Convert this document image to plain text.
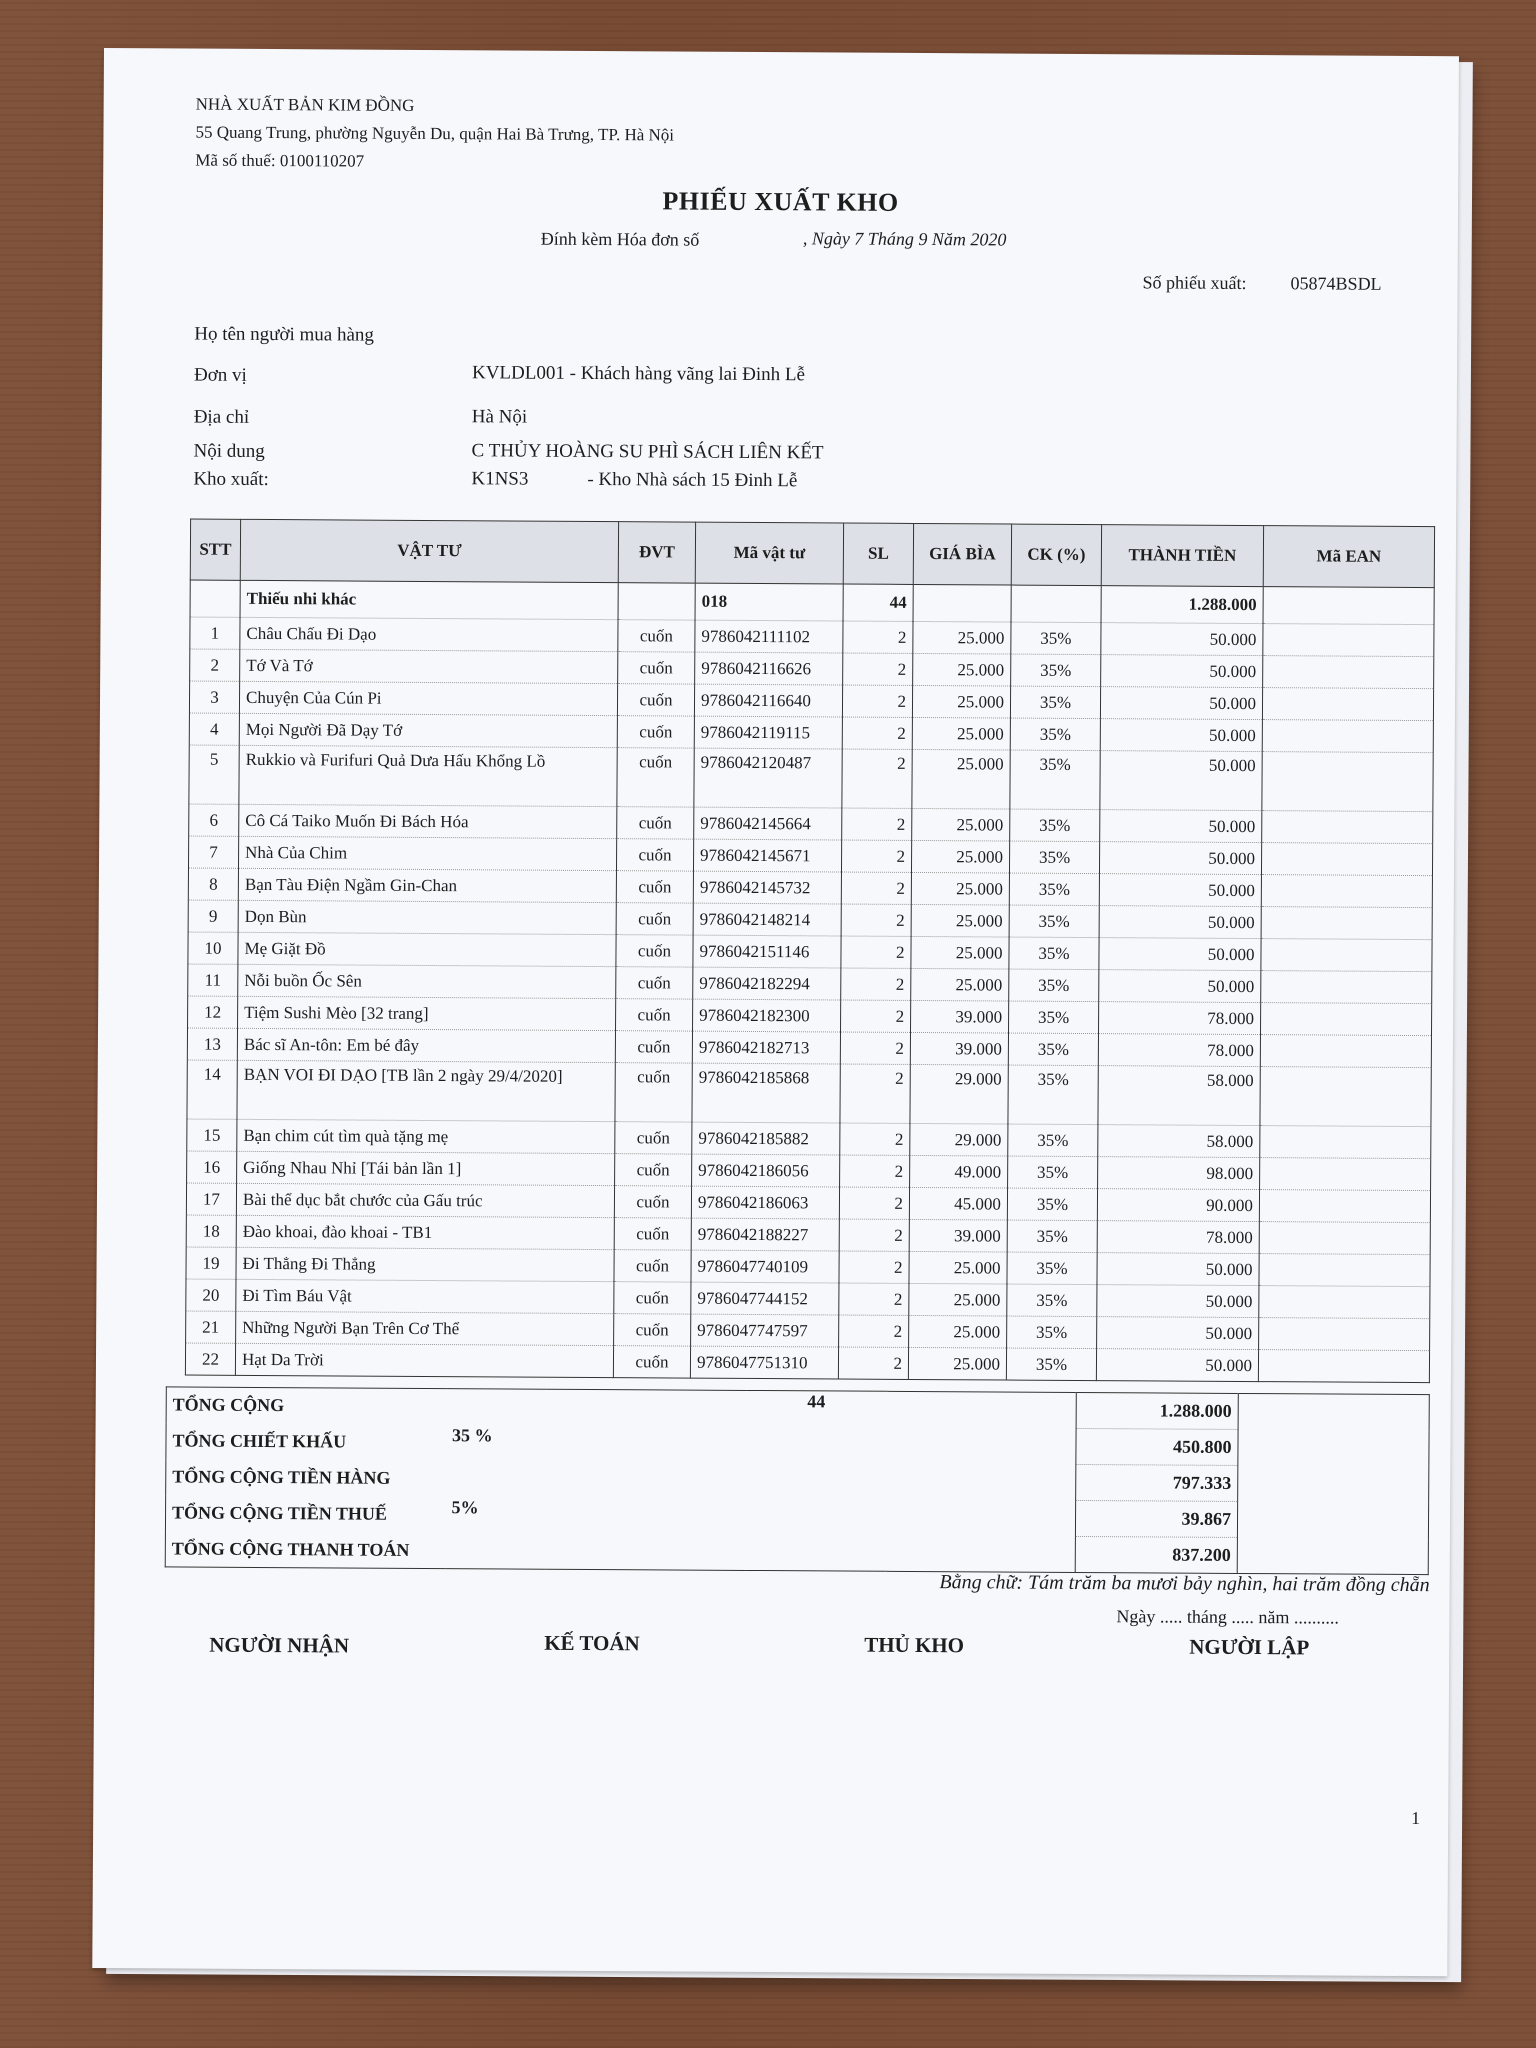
NHÀ XUẤT BẢN KIM ĐỒNG
55 Quang Trung, phường Nguyễn Du, quận Hai Bà Trưng, TP. Hà Nội
Mã số thuế: 0100110207
PHIẾU XUẤT KHO
Đính kèm Hóa đơn số	, Ngày 7 Tháng 9 Năm 2020
Số phiếu xuất: 05874BSDL
Họ tên người mua hàng
Đơn vị	KVLDL001 - Khách hàng vãng lai Đinh Lễ
Địa chỉ	Hà Nội
Nội dung	C THỦY HOÀNG SU PHÌ SÁCH LIÊN KẾT
Kho xuất:	K1NS3	- Kho Nhà sách 15 Đinh Lễ
STT	VẬT TƯ	ĐVT	Mã vật tư	SL	GIÁ BÌA	CK (%)	THÀNH TIỀN	Mã EAN
	Thiếu nhi khác		018	44			1.288.000	
1	Châu Chấu Đi Dạo	cuốn	9786042111102	2	25.000	35%	50.000	
2	Tớ Và Tớ	cuốn	9786042116626	2	25.000	35%	50.000	
3	Chuyện Của Cún Pi	cuốn	9786042116640	2	25.000	35%	50.000	
4	Mọi Người Đã Dạy Tớ	cuốn	9786042119115	2	25.000	35%	50.000	
5	Rukkio và Furifuri Quả Dưa Hấu Khổng Lồ	cuốn	9786042120487	2	25.000	35%	50.000	
6	Cô Cá Taiko Muốn Đi Bách Hóa	cuốn	9786042145664	2	25.000	35%	50.000	
7	Nhà Của Chim	cuốn	9786042145671	2	25.000	35%	50.000	
8	Bạn Tàu Điện Ngầm Gin-Chan	cuốn	9786042145732	2	25.000	35%	50.000	
9	Dọn Bùn	cuốn	9786042148214	2	25.000	35%	50.000	
10	Mẹ Giặt Đồ	cuốn	9786042151146	2	25.000	35%	50.000	
11	Nỗi buồn Ốc Sên	cuốn	9786042182294	2	25.000	35%	50.000	
12	Tiệm Sushi Mèo [32 trang]	cuốn	9786042182300	2	39.000	35%	78.000	
13	Bác sĩ An-tôn: Em bé đây	cuốn	9786042182713	2	39.000	35%	78.000	
14	BẠN VOI ĐI DẠO [TB lần 2 ngày 29/4/2020]	cuốn	9786042185868	2	29.000	35%	58.000	
15	Bạn chim cút tìm quà tặng mẹ	cuốn	9786042185882	2	29.000	35%	58.000	
16	Giống Nhau Nhỉ [Tái bản lần 1]	cuốn	9786042186056	2	49.000	35%	98.000	
17	Bài thể dục bắt chước của Gấu trúc	cuốn	9786042186063	2	45.000	35%	90.000	
18	Đào khoai, đào khoai - TB1	cuốn	9786042188227	2	39.000	35%	78.000	
19	Đi Thẳng Đi Thẳng	cuốn	9786047740109	2	25.000	35%	50.000	
20	Đi Tìm Báu Vật	cuốn	9786047744152	2	25.000	35%	50.000	
21	Những Người Bạn Trên Cơ Thể	cuốn	9786047747597	2	25.000	35%	50.000	
22	Hạt Da Trời	cuốn	9786047751310	2	25.000	35%	50.000	
TỔNG CỘNG			44		1.288.000	
TỔNG CHIẾT KHẤU	35 %				450.800	
TỔNG CỘNG TIỀN HÀNG					797.333	
TỔNG CỘNG TIỀN THUẾ	5%				39.867	
TỔNG CỘNG THANH TOÁN					837.200	
Bằng chữ: Tám trăm ba mươi bảy nghìn, hai trăm đồng chẵn
Ngày ..... tháng ..... năm ..........
NGƯỜI NHẬN	KẾ TOÁN	THỦ KHO	NGƯỜI LẬP
1
